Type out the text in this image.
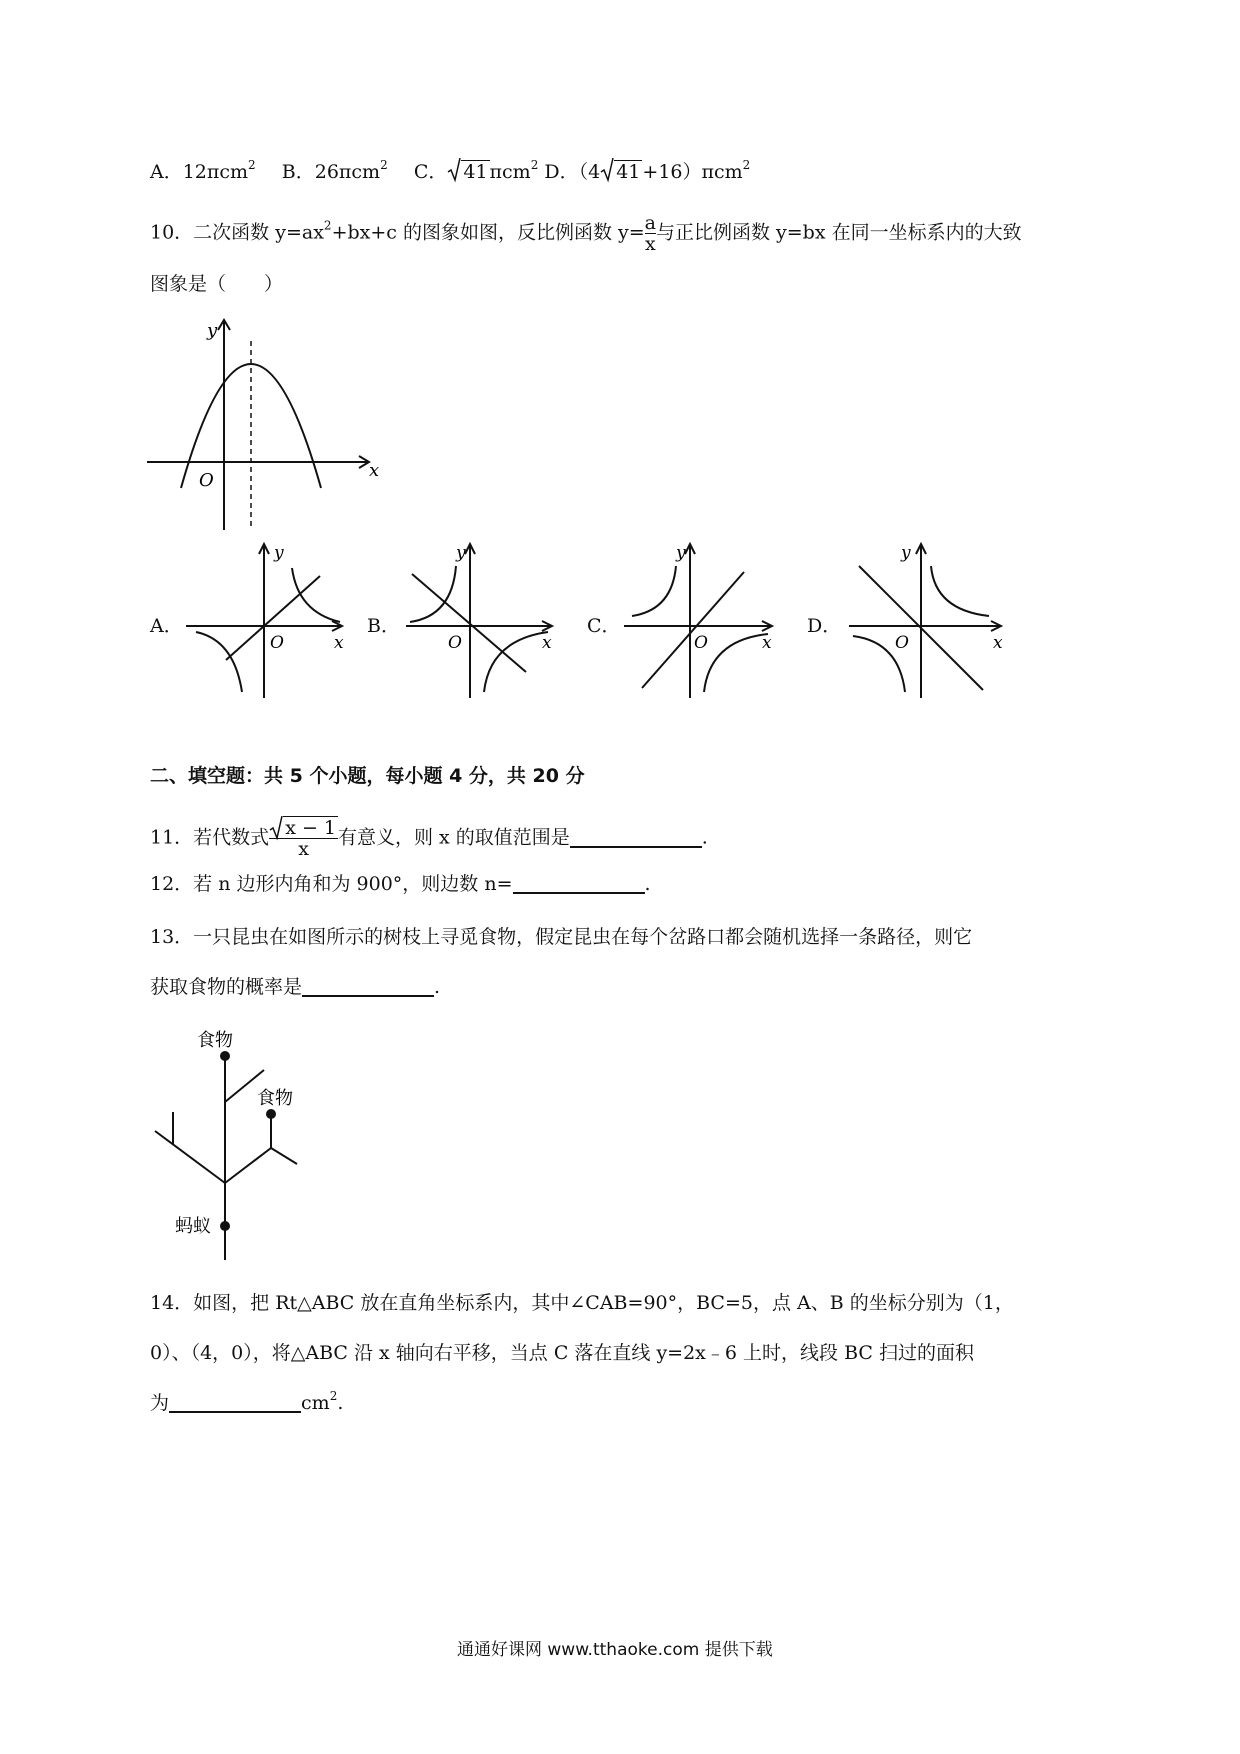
A．12πcm$^2$ B．26πcm$^2$ C． 41 πcm$^2$ D．（4 41 +16）πcm$^2$
10．二次函数 $y=ax^2+bx+c$ 的图象如图，反比例函数 $y= \frac{a}{x}$ 与正比例函数 y=bx 在同一坐标系内的大致
图象是（　　）
x
y
O
A．
y
x
O
B．
y
x
O
C．
y
x
O
D．
y
x
O
二、填空题：共 5 个小题，每小题 4 分，共 20 分
11．若代数式 $\frac{x - 1}{x}$ 有意义，则 x 的取值范围是	.
12．若 n 边形内角和为 900°，则边数 n=	.
13．一只昆虫在如图所示的树枝上寻觅食物，假定昆虫在每个岔路口都会随机选择一条路径，则它
获取食物的概率是	.
食物
食物
蚂蚁
14．如图，把 Rt△ABC 放在直角坐标系内，其中∠CAB=90°，BC=5，点 A、B 的坐标分别为（1，
0）、（4，0），将△ABC 沿 x 轴向右平移，当点 C 落在直线 y=2x﹣6 上时，线段 BC 扫过的面积
为	$cm^2$.
通通好课网 www.tthaoke.com 提供下载
